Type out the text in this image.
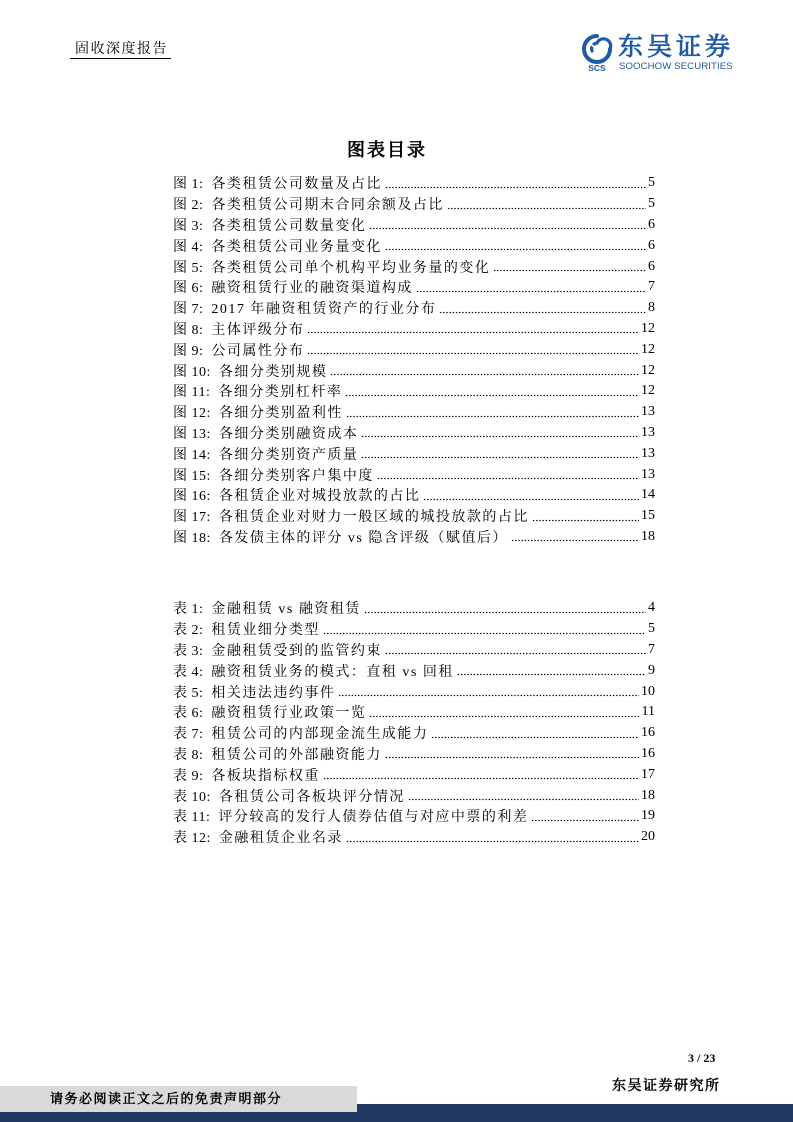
固收深度报告
SCS
东吴证券
SOOCHOW SECURITIES
图表目录
图 1: 各类租赁公司数量及占比	5
图 2: 各类租赁公司期末合同余额及占比	5
图 3: 各类租赁公司数量变化	6
图 4: 各类租赁公司业务量变化	6
图 5: 各类租赁公司单个机构平均业务量的变化	6
图 6: 融资租赁行业的融资渠道构成	7
图 7: 2017 年融资租赁资产的行业分布	8
图 8: 主体评级分布	12
图 9: 公司属性分布	12
图 10: 各细分类别规模	12
图 11: 各细分类别杠杆率	12
图 12: 各细分类别盈利性	13
图 13: 各细分类别融资成本	13
图 14: 各细分类别资产质量	13
图 15: 各细分类别客户集中度	13
图 16: 各租赁企业对城投放款的占比	14
图 17: 各租赁企业对财力一般区域的城投放款的占比	15
图 18: 各发债主体的评分 vs 隐含评级（赋值后）	18
表 1: 金融租赁 vs 融资租赁	4
表 2: 租赁业细分类型	5
表 3: 金融租赁受到的监管约束	7
表 4: 融资租赁业务的模式：直租 vs 回租	9
表 5: 相关违法违约事件	10
表 6: 融资租赁行业政策一览	11
表 7: 租赁公司的内部现金流生成能力	16
表 8: 租赁公司的外部融资能力	16
表 9: 各板块指标权重	17
表 10: 各租赁公司各板块评分情况	18
表 11: 评分较高的发行人债券估值与对应中票的利差	19
表 12: 金融租赁企业名录	20
3 / 23
请务必阅读正文之后的免责声明部分
东吴证券研究所
